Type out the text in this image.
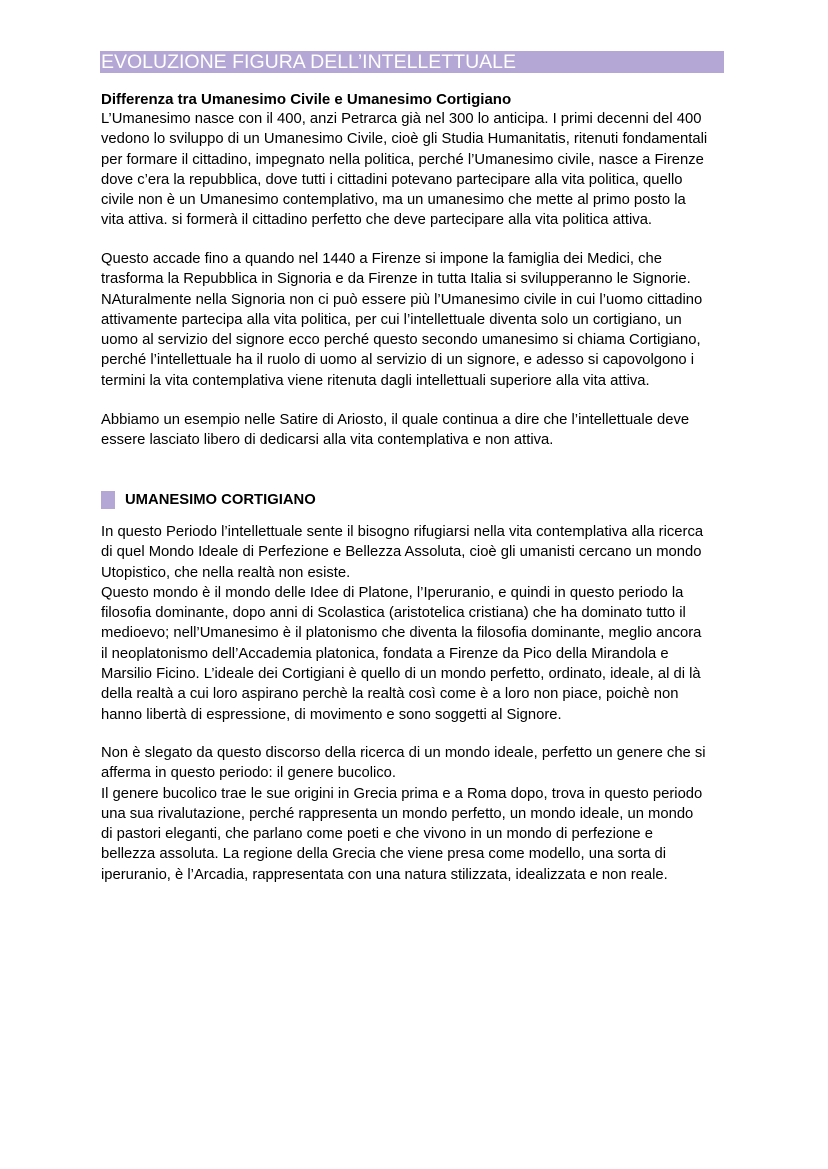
EVOLUZIONE FIGURA DELL’INTELLETTUALE
Differenza tra Umanesimo Civile e Umanesimo Cortigiano
L’Umanesimo nasce con il 400, anzi Petrarca già nel 300 lo anticipa. I primi decenni del 400
vedono lo sviluppo di un Umanesimo Civile, cioè gli Studia Humanitatis, ritenuti fondamentali
per formare il cittadino, impegnato nella politica, perché l’Umanesimo civile, nasce a Firenze
dove c’era la repubblica, dove tutti i cittadini potevano partecipare alla vita politica, quello
civile non è un Umanesimo contemplativo, ma un umanesimo che mette al primo posto la
vita attiva. si formerà il cittadino perfetto che deve partecipare alla vita politica attiva.
Questo accade fino a quando nel 1440 a Firenze si impone la famiglia dei Medici, che
trasforma la Repubblica in Signoria e da Firenze in tutta Italia si svilupperanno le Signorie.
NAturalmente nella Signoria non ci può essere più l’Umanesimo civile in cui l’uomo cittadino
attivamente partecipa alla vita politica, per cui l’intellettuale diventa solo un cortigiano, un
uomo al servizio del signore ecco perché questo secondo umanesimo si chiama Cortigiano,
perché l’intellettuale ha il ruolo di uomo al servizio di un signore, e adesso si capovolgono i
termini la vita contemplativa viene ritenuta dagli intellettuali superiore alla vita attiva.
Abbiamo un esempio nelle Satire di Ariosto, il quale continua a dire che l’intellettuale deve
essere lasciato libero di dedicarsi alla vita contemplativa e non attiva.
UMANESIMO CORTIGIANO
In questo Periodo l’intellettuale sente il bisogno rifugiarsi nella vita contemplativa alla ricerca
di quel Mondo Ideale di Perfezione e Bellezza Assoluta, cioè gli umanisti cercano un mondo
Utopistico, che nella realtà non esiste.
Questo mondo è il mondo delle Idee di Platone, l’Iperuranio, e quindi in questo periodo la
filosofia dominante, dopo anni di Scolastica (aristotelica cristiana) che ha dominato tutto il
medioevo; nell’Umanesimo è il platonismo che diventa la filosofia dominante, meglio ancora
il neoplatonismo dell’Accademia platonica, fondata a Firenze da Pico della Mirandola e
Marsilio Ficino. L’ideale dei Cortigiani è quello di un mondo perfetto, ordinato, ideale, al di là
della realtà a cui loro aspirano perchè la realtà così come è a loro non piace, poichè non
hanno libertà di espressione, di movimento e sono soggetti al Signore.
Non è slegato da questo discorso della ricerca di un mondo ideale, perfetto un genere che si
afferma in questo periodo: il genere bucolico.
Il genere bucolico trae le sue origini in Grecia prima e a Roma dopo, trova in questo periodo
una sua rivalutazione, perché rappresenta un mondo perfetto, un mondo ideale, un mondo
di pastori eleganti, che parlano come poeti e che vivono in un mondo di perfezione e
bellezza assoluta. La regione della Grecia che viene presa come modello, una sorta di
iperuranio, è l’Arcadia, rappresentata con una natura stilizzata, idealizzata e non reale.
